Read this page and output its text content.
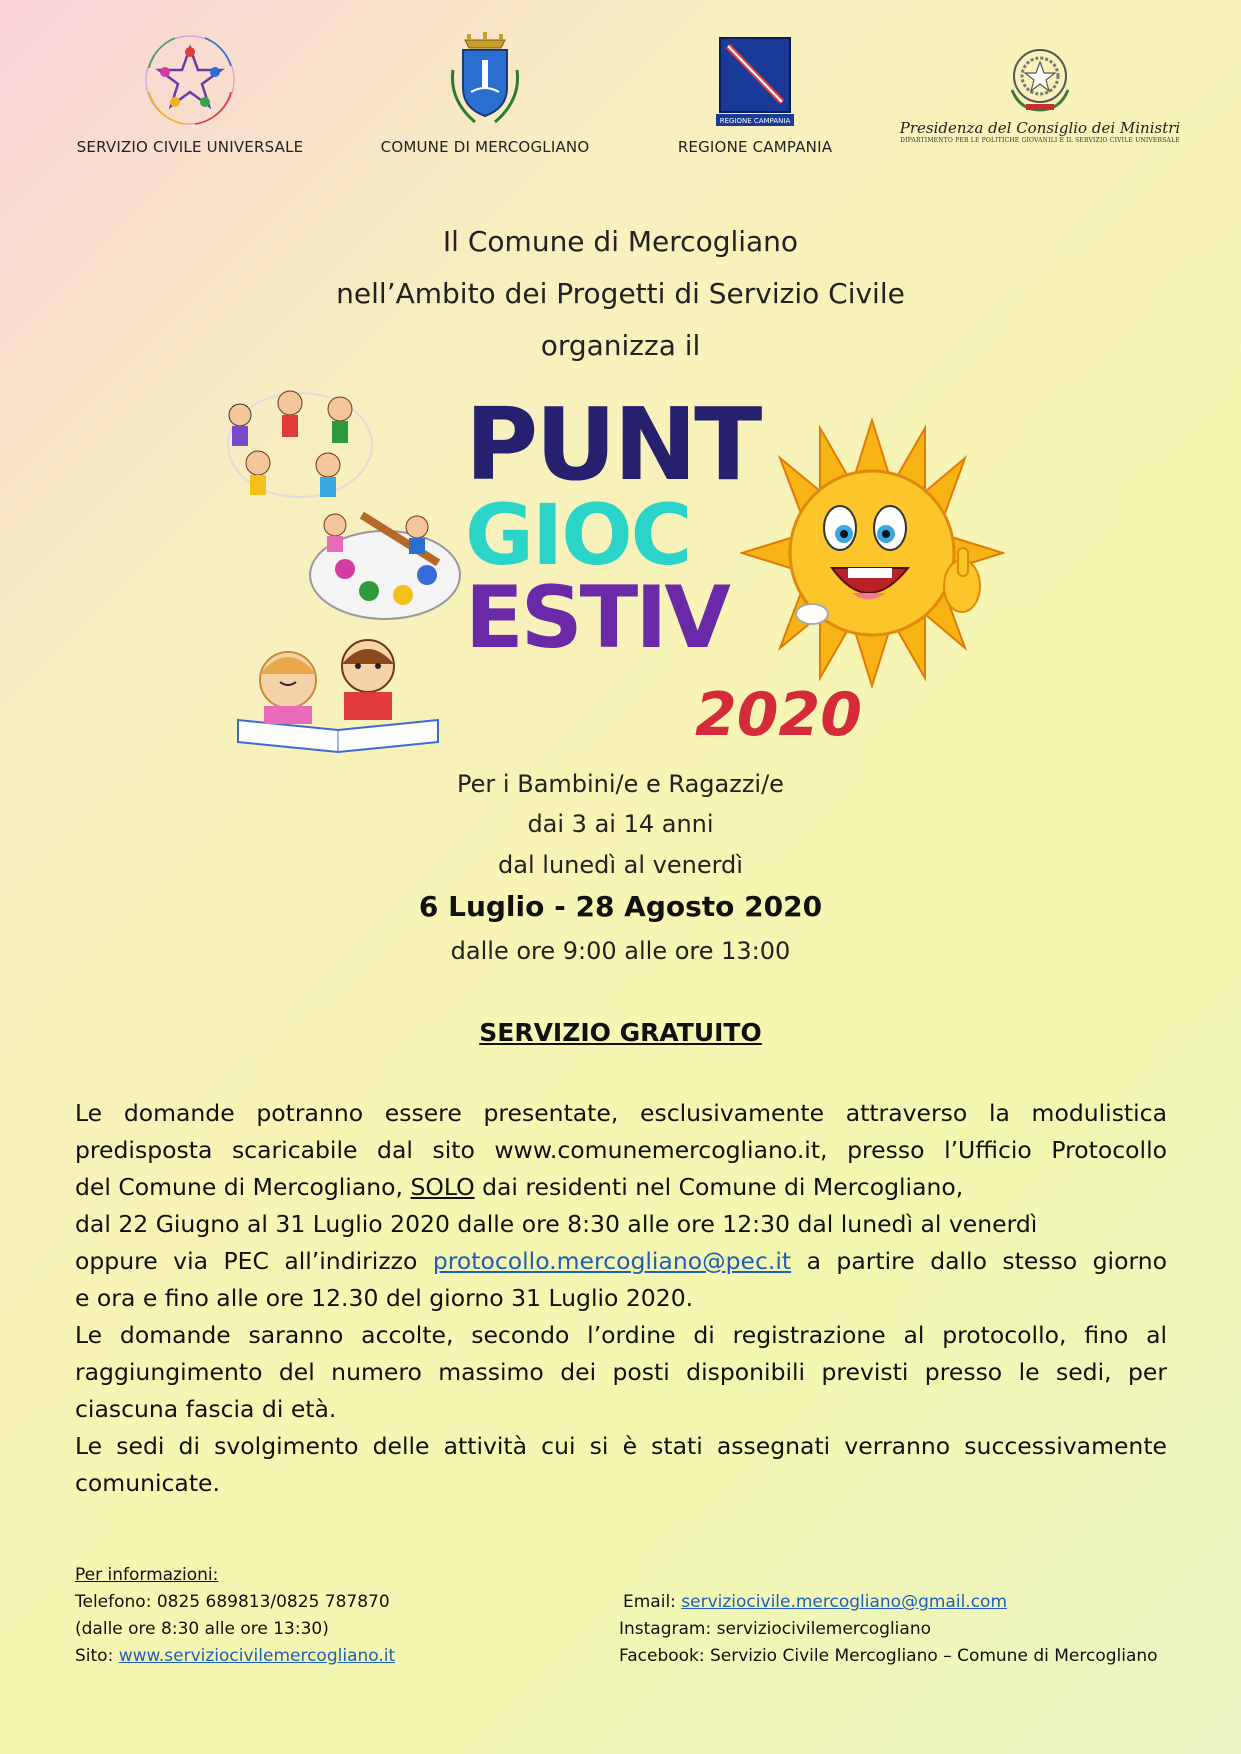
SERVIZIO CIVILE UNIVERSALE	COMUNE DI MERCOGLIANO
REGIONE CAMPANIA
REGIONE CAMPANIA
Presidenza del Consiglio dei Ministri
DIPARTIMENTO PER LE POLITICHE GIOVANILI E IL SERVIZIO CIVILE UNIVERSALE
Il Comune di Mercogliano
nell’Ambito dei Progetti di Servizio Civile
organizza il
PUNT
GIOC
ESTIV
2020
Per i Bambini/e e Ragazzi/e
dai 3 ai 14 anni
dal lunedì al venerdì
6 Luglio - 28 Agosto 2020
dalle ore 9:00 alle ore 13:00
SERVIZIO GRATUITO
Le domande potranno essere presentate, esclusivamente attraverso la modulistica
predisposta scaricabile dal sito www.comunemercogliano.it, presso l’Ufficio Protocollo
del Comune di Mercogliano, SOLO dai residenti nel Comune di Mercogliano,
dal 22 Giugno al 31 Luglio 2020 dalle ore 8:30 alle ore 12:30 dal lunedì al venerdì
oppure via PEC all’indirizzo protocollo.mercogliano@pec.it a partire dallo stesso giorno
e ora e fino alle ore 12.30 del giorno 31 Luglio 2020.
Le domande saranno accolte, secondo l’ordine di registrazione al protocollo, fino al
raggiungimento del numero massimo dei posti disponibili previsti presso le sedi, per
ciascuna fascia di età.
Le sedi di svolgimento delle attività cui si è stati assegnati verranno successivamente
comunicate.
Per informazioni:
Telefono: 0825 689813/0825 787870
(dalle ore 8:30 alle ore 13:30)
Sito: www.serviziocivilemercogliano.it
Email: serviziocivile.mercogliano@gmail.com
Instagram: serviziocivilemercogliano
Facebook: Servizio Civile Mercogliano – Comune di Mercogliano
